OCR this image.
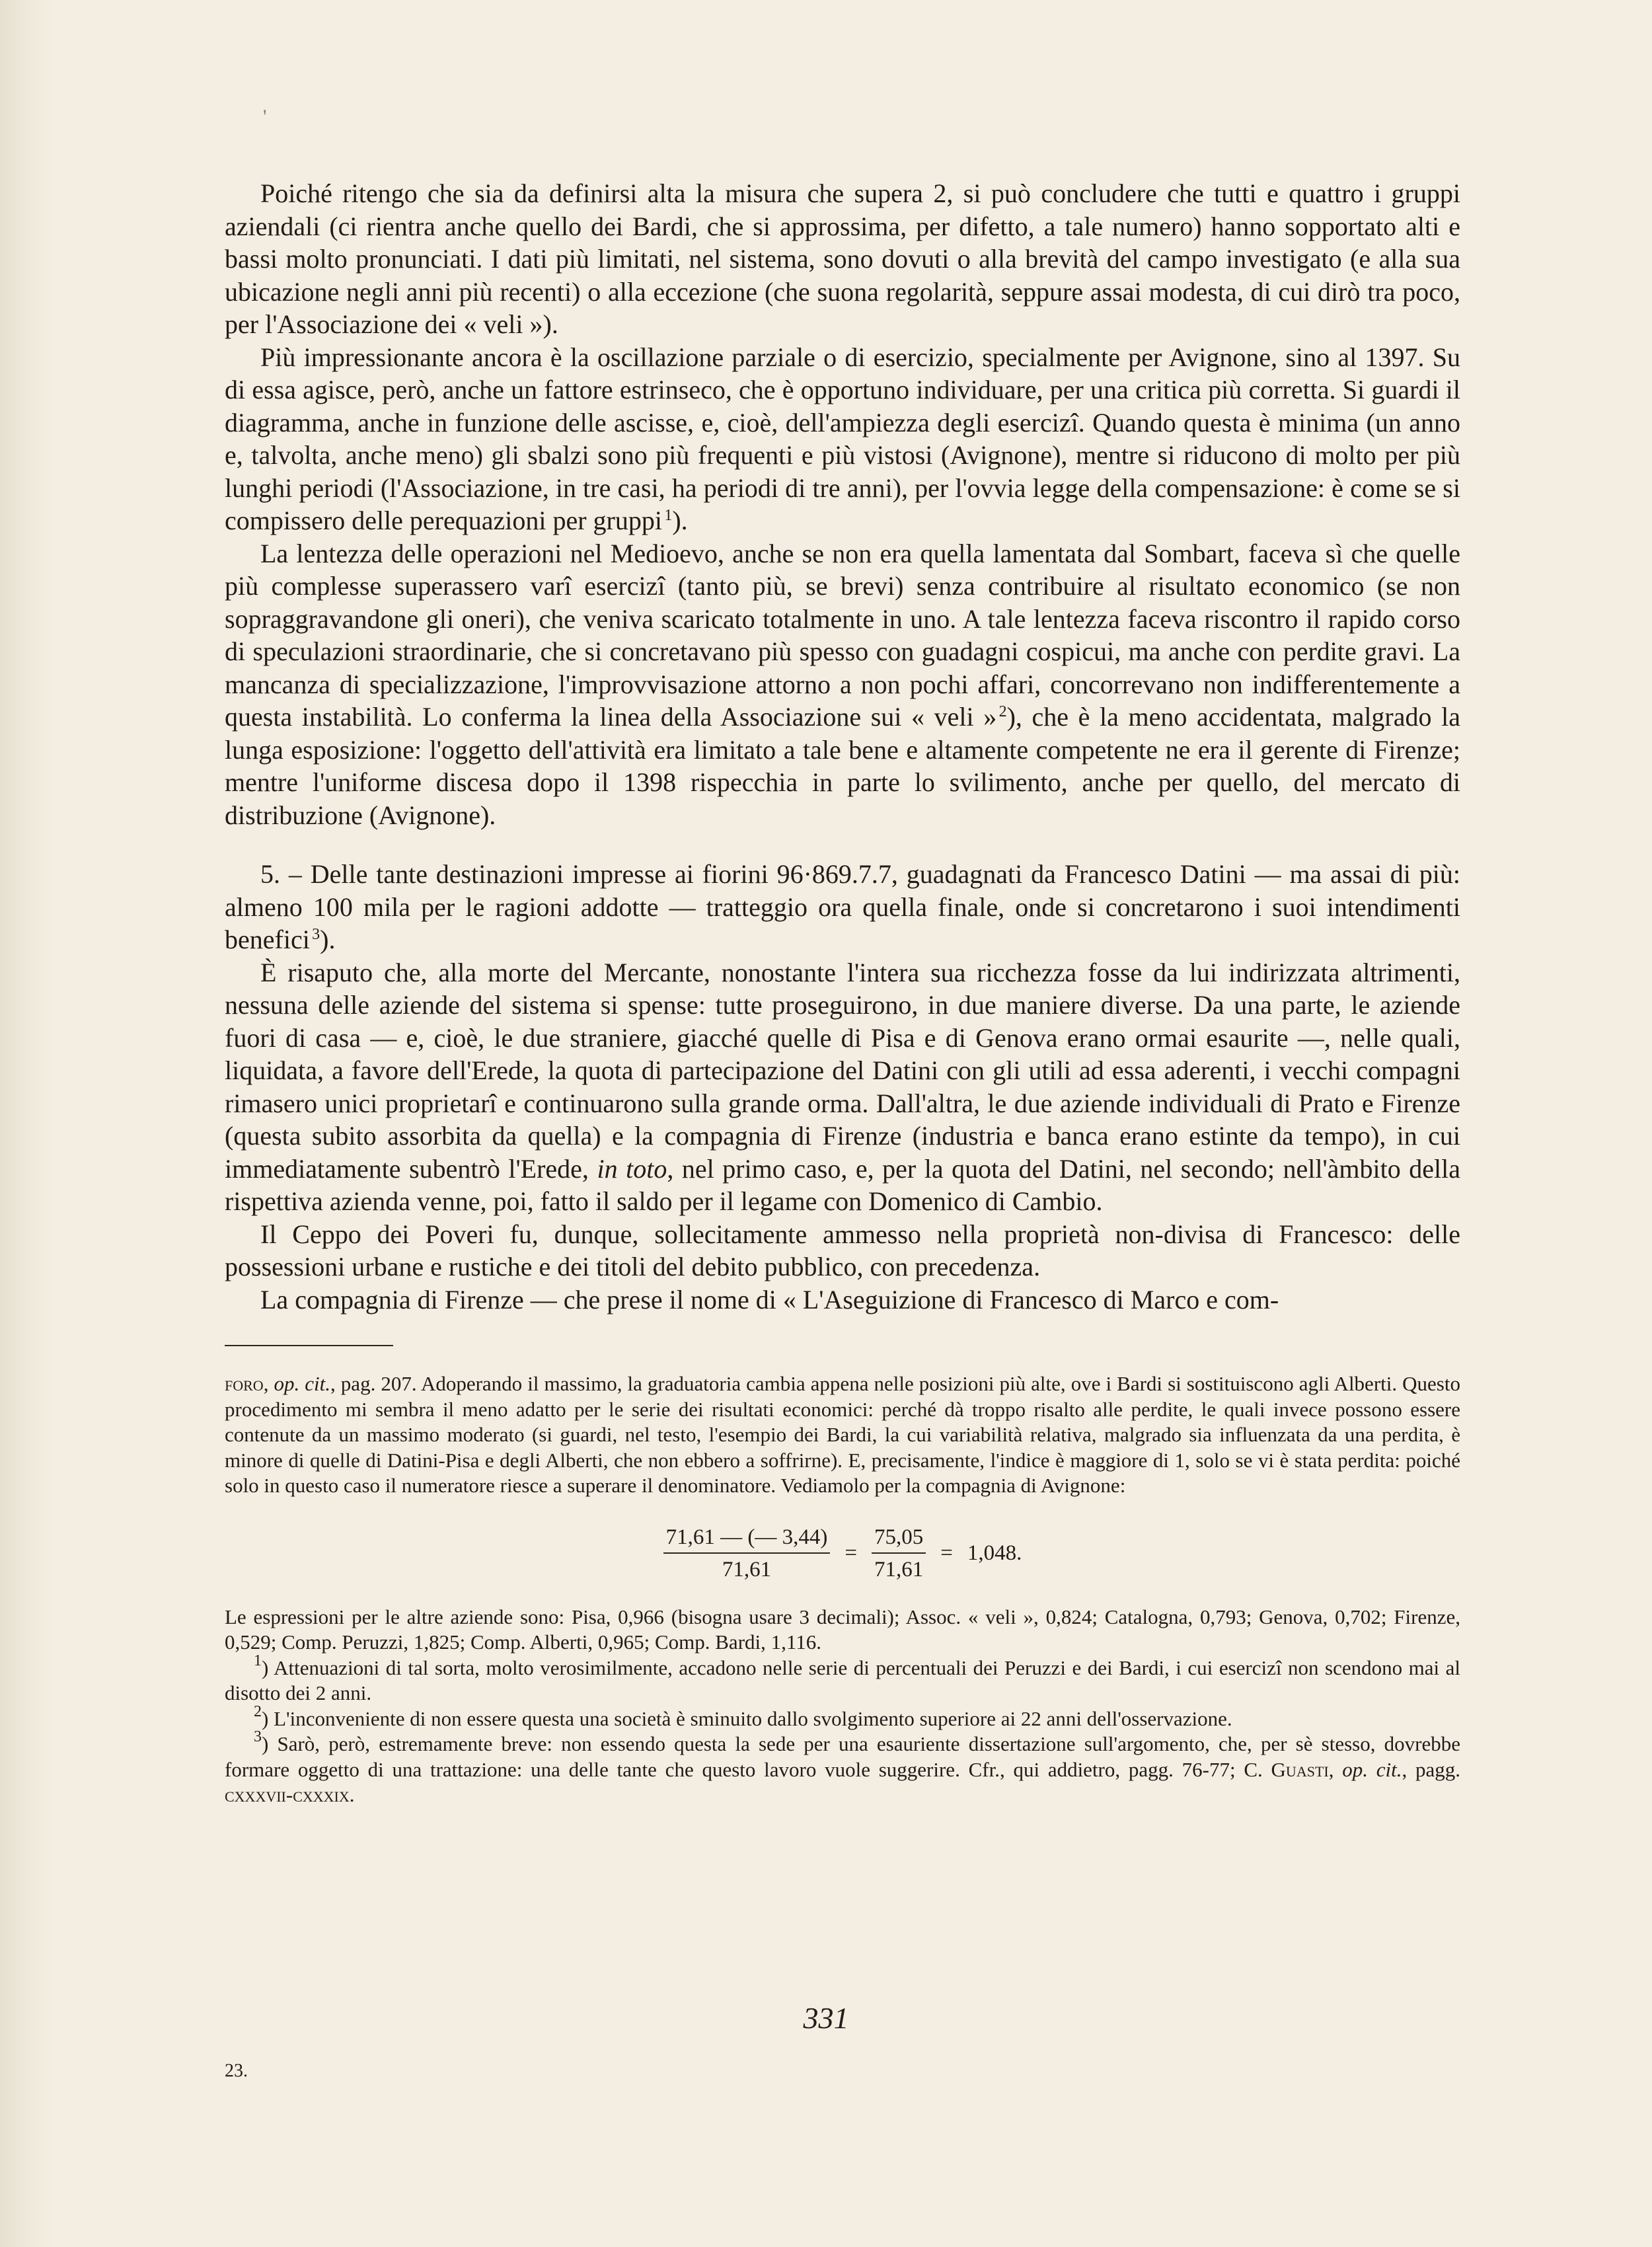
'

Poiché ritengo che sia da definirsi alta la misura che supera 2, si può concludere che tutti e quattro i gruppi aziendali (ci rientra anche quello dei Bardi, che si approssima, per difetto, a tale numero) hanno sopportato alti e bassi molto pronunciati. I dati più limitati, nel sistema, sono dovuti o alla brevità del campo investigato (e alla sua ubicazione negli anni più recenti) o alla eccezione (che suona regolarità, seppure assai modesta, di cui dirò tra poco, per l'Associazione dei « veli »).

Più impressionante ancora è la oscillazione parziale o di esercizio, specialmente per Avignone, sino al 1397. Su di essa agisce, però, anche un fattore estrinseco, che è opportuno individuare, per una critica più corretta. Si guardi il diagramma, anche in funzione delle ascisse, e, cioè, dell'ampiezza degli esercizî. Quando questa è minima (un anno e, talvolta, anche meno) gli sbalzi sono più frequenti e più vistosi (Avignone), mentre si riducono di molto per più lunghi periodi (l'Associazione, in tre casi, ha periodi di tre anni), per l'ovvia legge della compensazione: è come se si compissero delle perequazioni per gruppi  $^1$).

La lentezza delle operazioni nel Medioevo, anche se non era quella lamentata dal Sombart, faceva sì che quelle più complesse superassero varî esercizî (tanto più, se brevi) senza contribuire al risultato economico (se non sopraggravandone gli oneri), che veniva scaricato totalmente in uno. A tale lentezza faceva riscontro il rapido corso di speculazioni straordinarie, che si concretavano più spesso con guadagni cospicui, ma anche con perdite gravi. La mancanza di specializzazione, l'improvvisazione attorno a non pochi affari, concorrevano non indifferentemente a questa instabilità. Lo conferma la linea della Associazione sui « veli »  $^2$), che è la meno accidentata, malgrado la lunga esposizione: l'oggetto dell'attività era limitato a tale bene e altamente competente ne era il gerente di Firenze; mentre l'uniforme discesa dopo il 1398 rispecchia in parte lo svilimento, anche per quello, del mercato di distribuzione (Avignone).

5. – Delle tante destinazioni impresse ai fiorini 96·869.7.7, guadagnati da Francesco Datini — ma assai di più: almeno 100 mila per le ragioni addotte — tratteggio ora quella finale, onde si concretarono i suoi intendimenti benefici  $^3$).

È risaputo che, alla morte del Mercante, nonostante l'intera sua ricchezza fosse da lui indirizzata altrimenti, nessuna delle aziende del sistema si spense: tutte proseguirono, in due maniere diverse. Da una parte, le aziende fuori di casa — e, cioè, le due straniere, giacché quelle di Pisa e di Genova erano ormai esaurite —, nelle quali, liquidata, a favore dell'Erede, la quota di partecipazione del Datini con gli utili ad essa aderenti, i vecchi compagni rimasero unici proprietarî e continuarono sulla grande orma. Dall'altra, le due aziende individuali di Prato e Firenze (questa subito assorbita da quella) e la compagnia di Firenze (industria e banca erano estinte da tempo), in cui immediatamente subentrò l'Erede, in toto, nel primo caso, e, per la quota del Datini, nel secondo; nell'àmbito della rispettiva azienda venne, poi, fatto il saldo per il legame con Domenico di Cambio.

Il Ceppo dei Poveri fu, dunque, sollecitamente ammesso nella proprietà non-divisa di Francesco: delle possessioni urbane e rustiche e dei titoli del debito pubblico, con precedenza.

La compagnia di Firenze — che prese il nome di « L'Aseguizione di Francesco di Marco e com-

foro, op. cit., pag. 207. Adoperando il massimo, la graduatoria cambia appena nelle posizioni più alte, ove i Bardi si sostituiscono agli Alberti. Questo procedimento mi sembra il meno adatto per le serie dei risultati economici: perché dà troppo risalto alle perdite, le quali invece possono essere contenute da un massimo moderato (si guardi, nel testo, l'esempio dei Bardi, la cui variabilità relativa, malgrado sia influenzata da una perdita, è minore di quelle di Datini-Pisa e degli Alberti, che non ebbero a soffrirne). E, precisamente, l'indice è maggiore di 1, solo se vi è stata perdita: poiché solo in questo caso il numeratore riesce a superare il denominatore. Vediamolo per la compagnia di Avignone:

$\frac{71,61 — (— 3,44)}{71,61} = \frac{75,05}{71,61} = 1,048$.

Le espressioni per le altre aziende sono: Pisa, 0,966 (bisogna usare 3 decimali); Assoc. « veli », 0,824; Catalogna, 0,793; Genova, 0,702; Firenze, 0,529; Comp. Peruzzi, 1,825; Comp. Alberti, 0,965; Comp. Bardi, 1,116.

$^1$) Attenuazioni di tal sorta, molto verosimilmente, accadono nelle serie di percentuali dei Peruzzi e dei Bardi, i cui esercizî non scendono mai al disotto dei 2 anni.

$^2$) L'inconveniente di non essere questa una società è sminuito dallo svolgimento superiore ai 22 anni dell'osservazione.

$^3$) Sarò, però, estremamente breve: non essendo questa la sede per una esauriente dissertazione sull'argomento, che, per sè stesso, dovrebbe formare oggetto di una trattazione: una delle tante che questo lavoro vuole suggerire. Cfr., qui addietro, pagg. 76-77; C. Guasti, op. cit., pagg. cxxxvii-cxxxix.

331
23.
